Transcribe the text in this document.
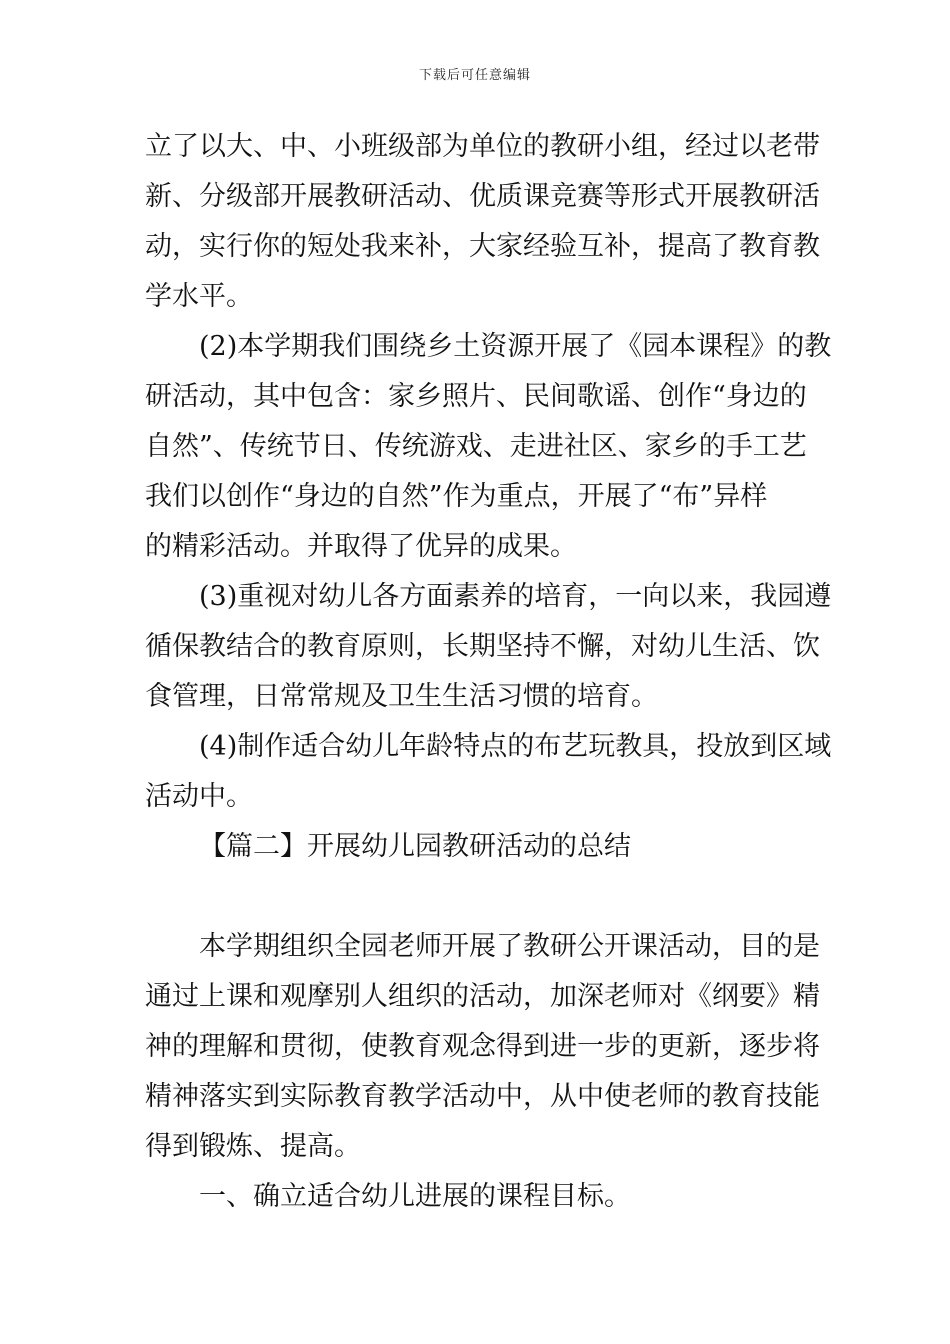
下载后可任意编辑
立了以大、中、小班级部为单位的教研小组，经过以老带
新、分级部开展教研活动、优质课竞赛等形式开展教研活
动，实行你的短处我来补，大家经验互补，提高了教育教
学水平。
(2)本学期我们围绕乡土资源开展了《园本课程》的教
研活动，其中包含：家乡照片、民间歌谣、创作“身边的
自然”、传统节日、传统游戏、走进社区、家乡的手工艺
我们以创作“身边的自然”作为重点，开展了“布”异样
的精彩活动。并取得了优异的成果。
(3)重视对幼儿各方面素养的培育，一向以来，我园遵
循保教结合的教育原则，长期坚持不懈，对幼儿生活、饮
食管理，日常常规及卫生生活习惯的培育。
(4)制作适合幼儿年龄特点的布艺玩教具，投放到区域
活动中。
【篇二】开展幼儿园教研活动的总结
本学期组织全园老师开展了教研公开课活动，目的是
通过上课和观摩别人组织的活动，加深老师对《纲要》精
神的理解和贯彻，使教育观念得到进一步的更新，逐步将
精神落实到实际教育教学活动中，从中使老师的教育技能
得到锻炼、提高。
一、确立适合幼儿进展的课程目标。
